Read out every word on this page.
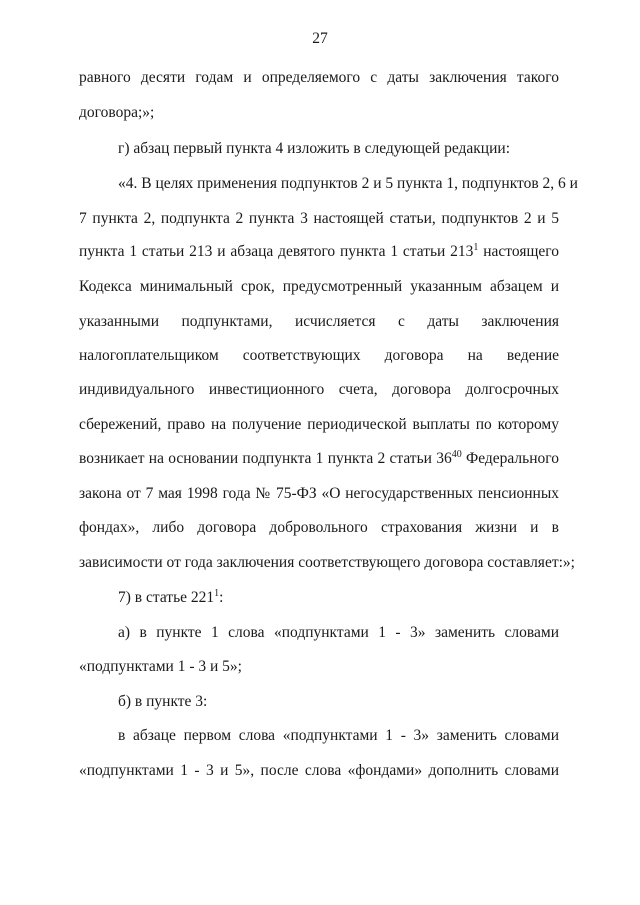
27
равного десяти годам и определяемого с даты заключения такого
договора;»;
г) абзац первый пункта 4 изложить в следующей редакции:
«4. В целях применения подпунктов 2 и 5 пункта 1, подпунктов 2, 6 и
7 пункта 2, подпункта 2 пункта 3 настоящей статьи, подпунктов 2 и 5
пункта 1 статьи 213 и абзаца девятого пункта 1 статьи $213^1$ настоящего
Кодекса минимальный срок, предусмотренный указанным абзацем и
указанными подпунктами, исчисляется с даты заключения
налогоплательщиком соответствующих договора на ведение
индивидуального инвестиционного счета, договора долгосрочных
сбережений, право на получение периодической выплаты по которому
возникает на основании подпункта 1 пункта 2 статьи $36^{40}$ Федерального
закона от 7 мая 1998 года № 75-ФЗ «О негосударственных пенсионных
фондах», либо договора добровольного страхования жизни и в
зависимости от года заключения соответствующего договора составляет:»;
7) в статье $221^1$:
а) в пункте 1 слова «подпунктами 1 - 3» заменить словами
«подпунктами 1 - 3 и 5»;
б) в пункте 3:
в абзаце первом слова «подпунктами 1 - 3» заменить словами
«подпунктами 1 - 3 и 5», после слова «фондами» дополнить словами
